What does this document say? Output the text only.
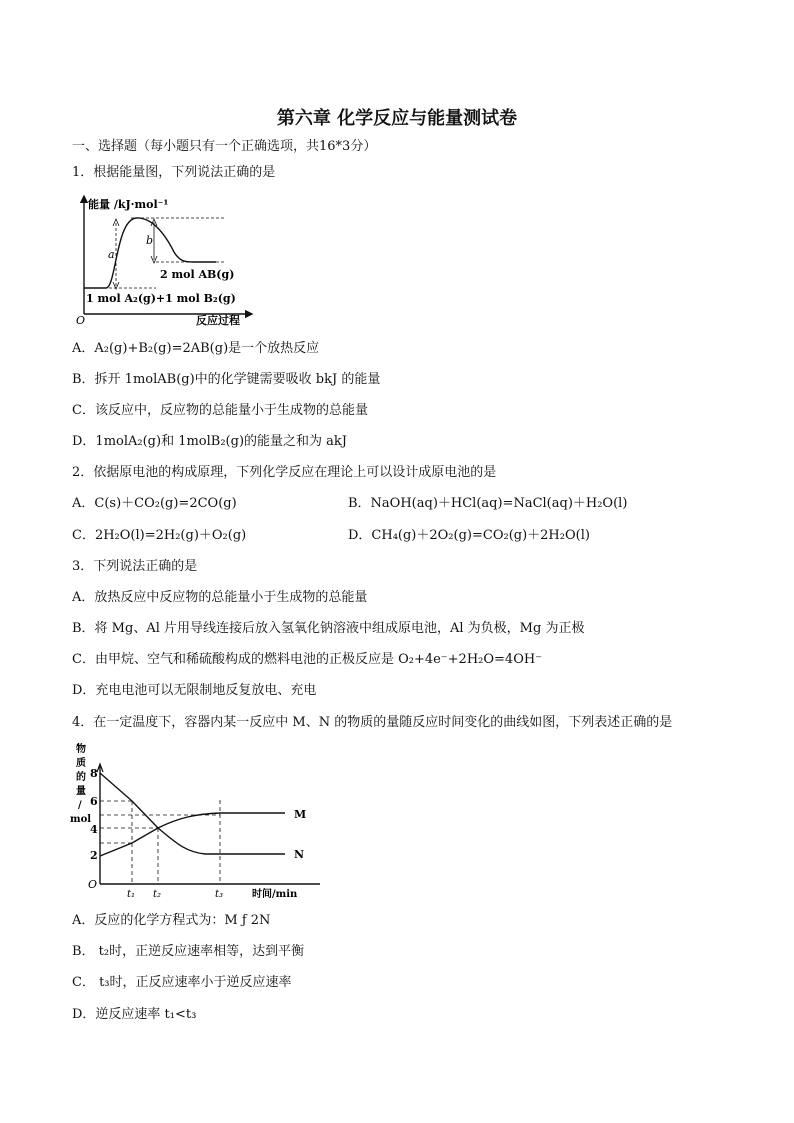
第六章 化学反应与能量测试卷
一、选择题（每小题只有一个正确选项，共16*3分）
1．根据能量图，下列说法正确的是
能量 /kJ·mol⁻¹
O	反应过程
a
b
2 mol AB(g)
1 mol A₂(g)+1 mol B₂(g)
A．A₂(g)+B₂(g)=2AB(g)是一个放热反应
B．拆开 1molAB(g)中的化学键需要吸收 bkJ 的能量
C．该反应中，反应物的总能量小于生成物的总能量
D．1molA₂(g)和 1molB₂(g)的能量之和为 akJ
2．依据原电池的构成原理，下列化学反应在理论上可以设计成原电池的是
A．C(s)＋CO₂(g)=2CO(g)	B．NaOH(aq)＋HCl(aq)=NaCl(aq)＋H₂O(l)
C．2H₂O(l)=2H₂(g)＋O₂(g)	D．CH₄(g)＋2O₂(g)=CO₂(g)＋2H₂O(l)
3．下列说法正确的是
A．放热反应中反应物的总能量小于生成物的总能量
B．将 Mg、Al 片用导线连接后放入氢氧化钠溶液中组成原电池，Al 为负极，Mg 为正极
C．由甲烷、空气和稀硫酸构成的燃料电池的正极反应是 O₂+4e⁻+2H₂O=4OH⁻
D．充电电池可以无限制地反复放电、充电
4．在一定温度下，容器内某一反应中 M、N 的物质的量随反应时间变化的曲线如图，下列表述正确的是
物
质
的
量
/
mol
O
8
6
4
2
M
N
t₁ t₂	t₃	时间/min
A．反应的化学方程式为：M ƒ 2N
B． t₂时，正逆反应速率相等，达到平衡
C． t₃时，正反应速率小于逆反应速率
D．逆反应速率 t₁<t₃
